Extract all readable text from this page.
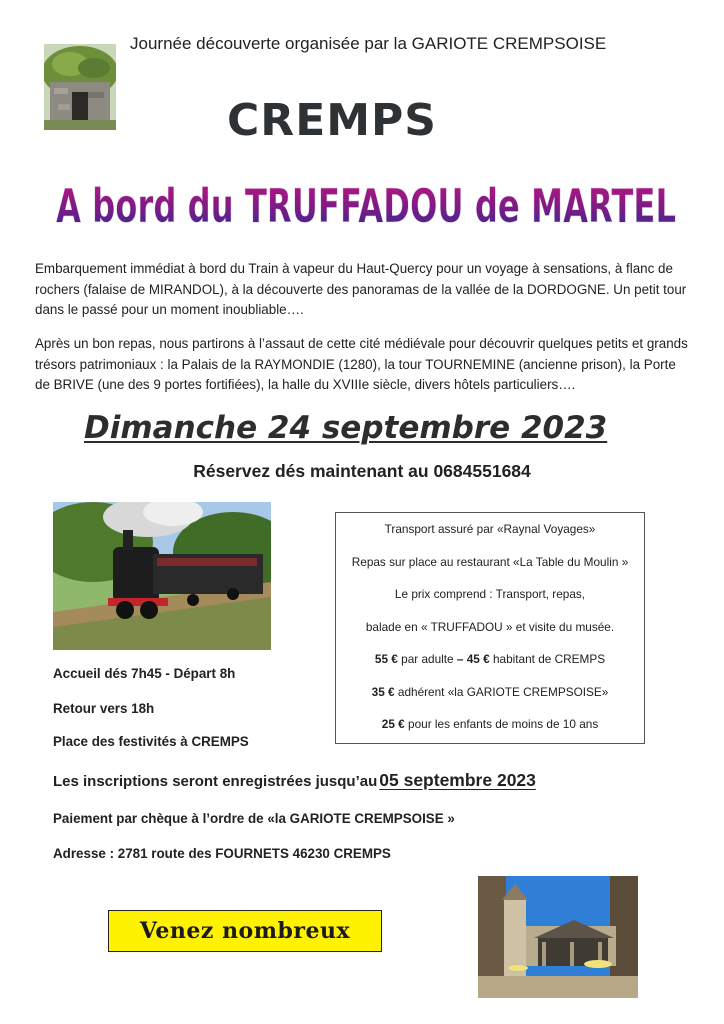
Journée découverte organisée par la GARIOTE CREMPSOISE
CREMPS
A bord du TRUFFADOU de MARTEL

Embarquement immédiat à bord du Train à vapeur du Haut-Quercy pour un voyage à sensations, à flanc de rochers (falaise de MIRANDOL), à la découverte des panoramas de la vallée de la DORDOGNE. Un petit tour dans le passé pour un moment inoubliable….

Après un bon repas, nous partirons à l’assaut de cette cité médiévale pour découvrir quelques petits et grands trésors patrimoniaux : la Palais de la RAYMONDIE (1280), la tour TOURNEMINE (ancienne prison), la Porte de BRIVE (une des 9 portes fortifiées), la halle du XVIIIe siècle, divers hôtels particuliers….

Dimanche 24 septembre 2023
Réservez dés maintenant au 0684551684
Transport assuré par «Raynal Voyages»
Repas sur place au restaurant «La Table du Moulin »
Le prix comprend : Transport, repas,
balade en « TRUFFADOU » et visite du musée.
55 € par adulte – 45 € habitant de CREMPS
35 € adhérent «la GARIOTE CREMPSOISE»
25 € pour les enfants de moins de 10 ans
Accueil dés 7h45 - Départ 8h
Retour vers 18h
Place des festivités à CREMPS
Les inscriptions seront enregistrées jusqu’au 05 septembre 2023
Paiement par chèque à l’ordre de «la GARIOTE CREMPSOISE »
Adresse : 2781 route des FOURNETS 46230 CREMPS
Venez nombreux
